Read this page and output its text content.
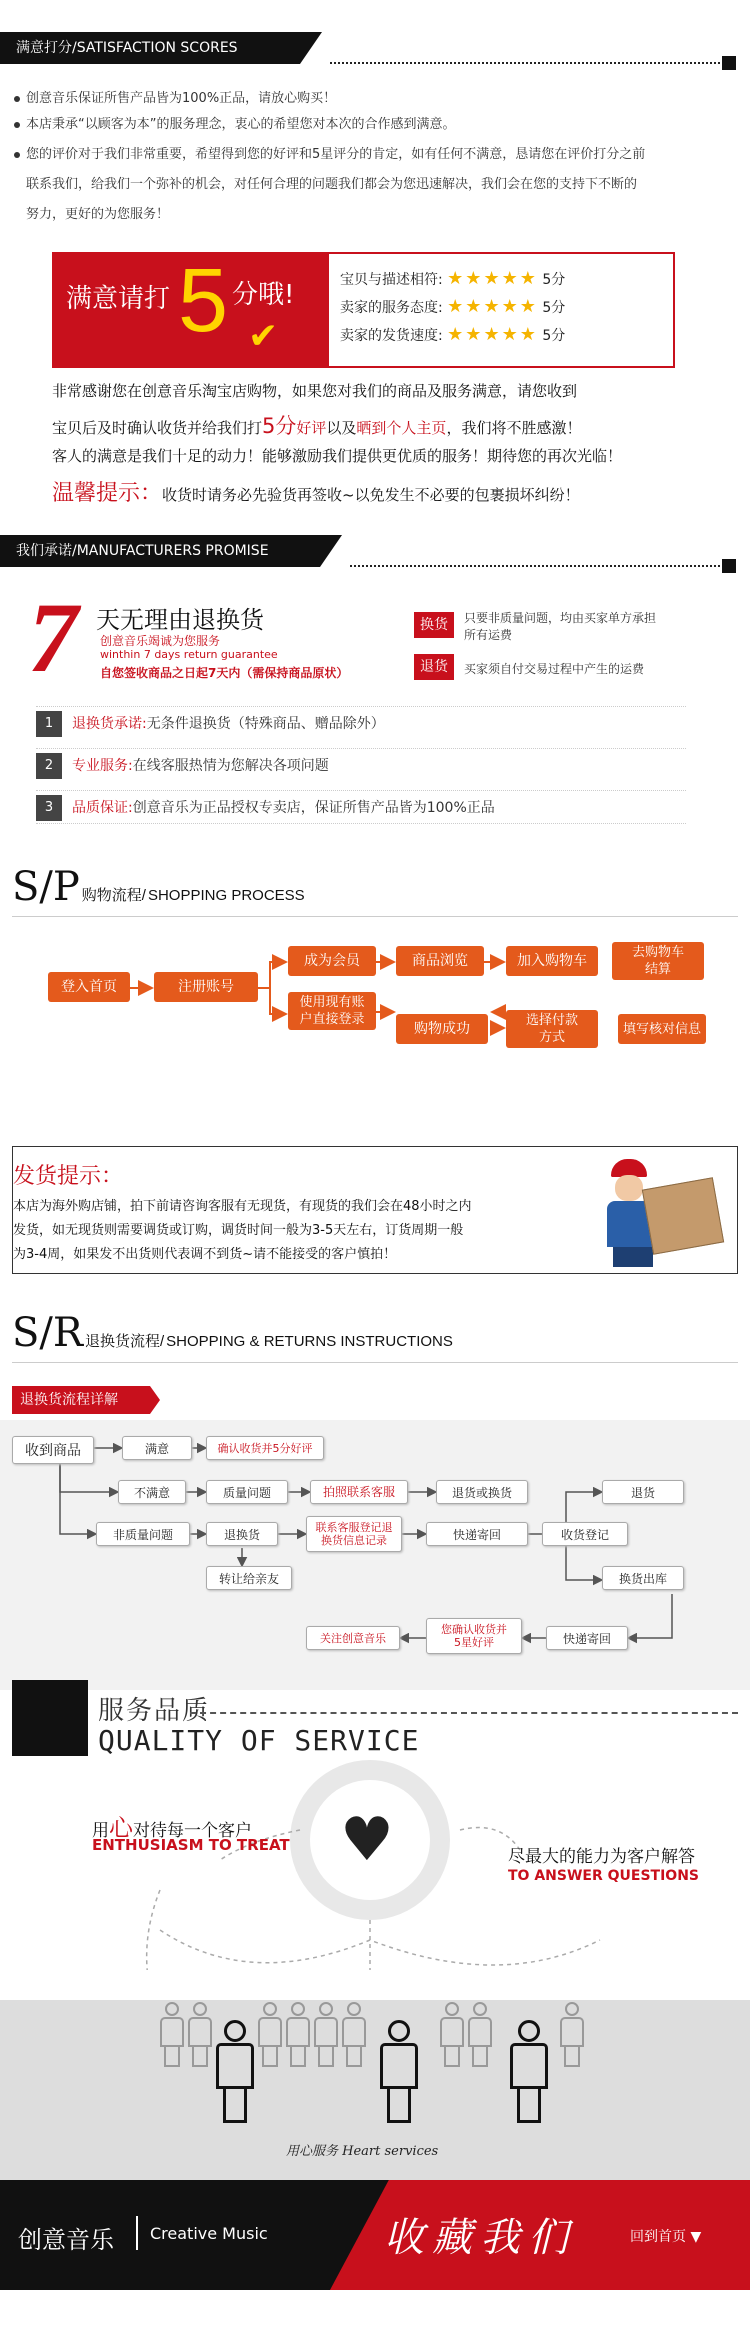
满意打分/SATISFACTION SCORES
创意音乐保证所售产品皆为100%正品，请放心购买！
本店秉承“以顾客为本”的服务理念，衷心的希望您对本次的合作感到满意。
您的评价对于我们非常重要，希望得到您的好评和5星评分的肯定，如有任何不满意，恳请您在评价打分之前
联系我们，给我们一个弥补的机会，对任何合理的问题我们都会为您迅速解决，我们会在您的支持下不断的
努力，更好的为您服务！
满意请打 5 分哦!
✔
宝贝与描述相符: ★★★★★ 5分
卖家的服务态度: ★★★★★ 5分
卖家的发货速度: ★★★★★ 5分
非常感谢您在创意音乐淘宝店购物，如果您对我们的商品及服务满意，请您收到
宝贝后及时确认收货并给我们打5分好评以及晒到个人主页，我们将不胜感激！
客人的满意是我们十足的动力！能够激励我们提供更优质的服务！期待您的再次光临！
温馨提示：收货时请务必先验货再签收~以免发生不必要的包裹损坏纠纷！
我们承诺/MANUFACTURERS PROMISE
7 天无理由退换货
创意音乐竭诚为您服务
winthin 7 days return guarantee
自您签收商品之日起7天内（需保持商品原状）
换货	只要非质量问题，均由买家单方承担
所有运费
退货	买家须自付交易过程中产生的运费
1 退换货承诺:无条件退换货（特殊商品、赠品除外）
2 专业服务:在线客服热情为您解决各项问题
3 品质保证:创意音乐为正品授权专卖店，保证所售产品皆为100%正品
S/P 购物流程/ SHOPPING PROCESS
登入首页	注册账号
成为会员	商品浏览	加入购物车	去购物车结算
使用现有账户直接登录
购物成功	选择付款方式
填写核对信息
发货提示：
本店为海外购店铺，拍下前请咨询客服有无现货，有现货的我们会在48小时之内
发货，如无现货则需要调货或订购，调货时间一般为3-5天左右，订货周期一般
为3-4周，如果发不出货则代表调不到货~请不能接受的客户慎拍！
S/R 退换货流程/ SHOPPING & RETURNS INSTRUCTIONS
退换货流程详解
收到商品	满意	确认收货并5分好评
不满意	质量问题	拍照联系客服	退货或换货	退货
非质量问题	退换货	联系客服登记退换货信息记录	快递寄回
换货出库
转让给亲友
关注创意音乐
您确认收货并5星好评	快递寄回
收货登记
服务品质
QUALITY OF SERVICE
♥
用心对待每一个客户
ENTHUSIASM TO TREAT
尽最大的能力为客户解答
TO ANSWER QUESTIONS
用心服务 Heart services
创意音乐 Creative Music	收藏我们	回到首页 ▼
